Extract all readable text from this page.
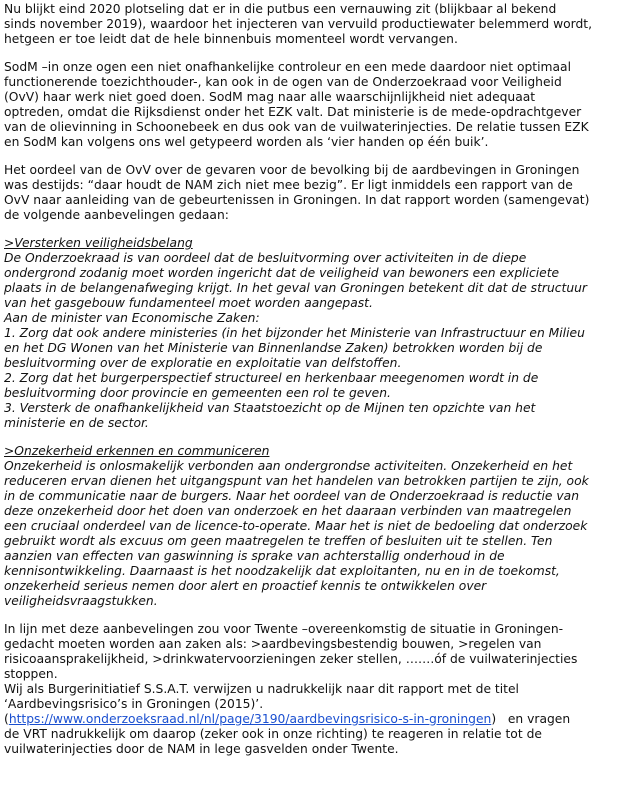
Nu blijkt eind 2020 plotseling dat er in die putbus een vernauwing zit (blijkbaar al bekend

sinds november 2019), waardoor het injecteren van vervuild productiewater belemmerd wordt,

hetgeen er toe leidt dat de hele binnenbuis momenteel wordt vervangen.

SodM –in onze ogen een niet onafhankelijke controleur en een mede daardoor niet optimaal

functionerende toezichthouder-, kan ook in de ogen van de Onderzoekraad voor Veiligheid

(OvV) haar werk niet goed doen. SodM mag naar alle waarschijnlijkheid niet adequaat

optreden, omdat die Rijksdienst onder het EZK valt. Dat ministerie is de mede-opdrachtgever

van de olievinning in Schoonebeek en dus ook van de vuilwaterinjecties. De relatie tussen EZK

en SodM kan volgens ons wel getypeerd worden als ‘vier handen op één buik’.

Het oordeel van de OvV over de gevaren voor de bevolking bij de aardbevingen in Groningen

was destijds: “daar houdt de NAM zich niet mee bezig”. Er ligt inmiddels een rapport van de

OvV naar aanleiding van de gebeurtenissen in Groningen. In dat rapport worden (samengevat)

de volgende aanbevelingen gedaan:

>Versterken veiligheidsbelang

De Onderzoekraad is van oordeel dat de besluitvorming over activiteiten in de diepe

ondergrond zodanig moet worden ingericht dat de veiligheid van bewoners een expliciete

plaats in de belangenafweging krijgt. In het geval van Groningen betekent dit dat de structuur

van het gasgebouw fundamenteel moet worden aangepast.

Aan de minister van Economische Zaken:

1. Zorg dat ook andere ministeries (in het bijzonder het Ministerie van Infrastructuur en Milieu

en het DG Wonen van het Ministerie van Binnenlandse Zaken) betrokken worden bij de

besluitvorming over de exploratie en exploitatie van delfstoffen.

2. Zorg dat het burgerperspectief structureel en herkenbaar meegenomen wordt in de

besluitvorming door provincie en gemeenten een rol te geven.

3. Versterk de onafhankelijkheid van Staatstoezicht op de Mijnen ten opzichte van het

ministerie en de sector.

>Onzekerheid erkennen en communiceren

Onzekerheid is onlosmakelijk verbonden aan ondergrondse activiteiten. Onzekerheid en het

reduceren ervan dienen het uitgangspunt van het handelen van betrokken partijen te zijn, ook

in de communicatie naar de burgers. Naar het oordeel van de Onderzoekraad is reductie van

deze onzekerheid door het doen van onderzoek en het daaraan verbinden van maatregelen

een cruciaal onderdeel van de licence-to-operate. Maar het is niet de bedoeling dat onderzoek

gebruikt wordt als excuus om geen maatregelen te treffen of besluiten uit te stellen. Ten

aanzien van effecten van gaswinning is sprake van achterstallig onderhoud in de

kennisontwikkeling. Daarnaast is het noodzakelijk dat exploitanten, nu en in de toekomst,

onzekerheid serieus nemen door alert en proactief kennis te ontwikkelen over

veiligheidsvraagstukken.

In lijn met deze aanbevelingen zou voor Twente –overeenkomstig de situatie in Groningen-

gedacht moeten worden aan zaken als: >aardbevingsbestendig bouwen, >regelen van

risicoaansprakelijkheid, >drinkwatervoorzieningen zeker stellen, …….óf de vuilwaterinjecties

stoppen.

Wij als Burgerinitiatief S.S.A.T. verwijzen u nadrukkelijk naar dit rapport met de titel

‘Aardbevingsrisico’s in Groningen (2015)’.

(https://www.onderzoeksraad.nl/nl/page/3190/aardbevingsrisico-s-in-groningen)   en vragen

de VRT nadrukkelijk om daarop (zeker ook in onze richting) te reageren in relatie tot de

vuilwaterinjecties door de NAM in lege gasvelden onder Twente.
